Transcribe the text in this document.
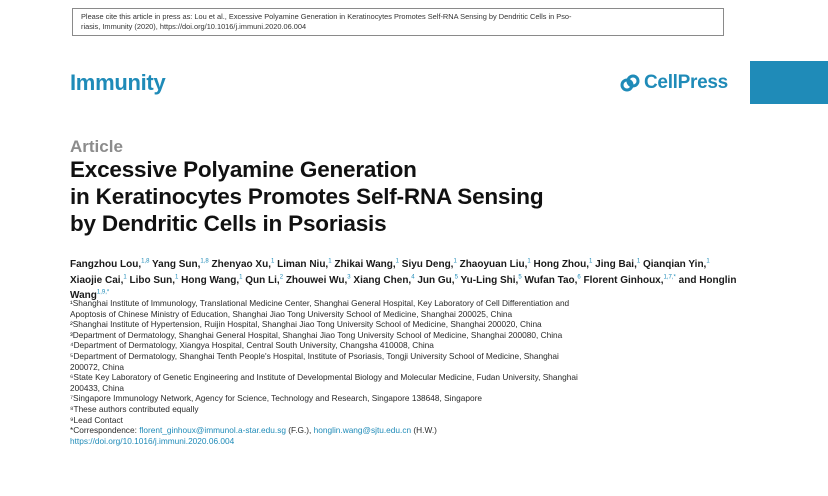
Please cite this article in press as: Lou et al., Excessive Polyamine Generation in Keratinocytes Promotes Self-RNA Sensing by Dendritic Cells in Pso-
riasis, Immunity (2020), https://doi.org/10.1016/j.immuni.2020.06.004
Immunity	CellPress
Article
Excessive Polyamine Generation
in Keratinocytes Promotes Self-RNA Sensing
by Dendritic Cells in Psoriasis
Fangzhou Lou,$^{1,8}$ Yang Sun,$^{1,8}$ Zhenyao Xu,$^1$ Liman Niu,$^1$ Zhikai Wang,$^1$ Siyu Deng,$^1$ Zhaoyuan Liu,$^1$ Hong Zhou,$^1$ Jing Bai,$^1$ Qianqian Yin,$^1$ Xiaojie Cai,$^1$ Libo Sun,$^1$ Hong Wang,$^1$ Qun Li,$^2$ Zhouwei Wu,$^3$ Xiang Chen,$^4$ Jun Gu,$^5$ Yu-Ling Shi,$^5$ Wufan Tao,$^6$ Florent Ginhoux,$^{1,7,*}$ and Honglin Wang$^{1,9,*}$
¹Shanghai Institute of Immunology, Translational Medicine Center, Shanghai General Hospital, Key Laboratory of Cell Differentiation and
Apoptosis of Chinese Ministry of Education, Shanghai Jiao Tong University School of Medicine, Shanghai 200025, China
²Shanghai Institute of Hypertension, Ruijin Hospital, Shanghai Jiao Tong University School of Medicine, Shanghai 200020, China
³Department of Dermatology, Shanghai General Hospital, Shanghai Jiao Tong University School of Medicine, Shanghai 200080, China
⁴Department of Dermatology, Xiangya Hospital, Central South University, Changsha 410008, China
⁵Department of Dermatology, Shanghai Tenth People's Hospital, Institute of Psoriasis, Tongji University School of Medicine, Shanghai
200072, China
⁶State Key Laboratory of Genetic Engineering and Institute of Developmental Biology and Molecular Medicine, Fudan University, Shanghai
200433, China
⁷Singapore Immunology Network, Agency for Science, Technology and Research, Singapore 138648, Singapore
⁸These authors contributed equally
⁹Lead Contact
*Correspondence: florent_ginhoux@immunol.a-star.edu.sg (F.G.), honglin.wang@sjtu.edu.cn (H.W.)
https://doi.org/10.1016/j.immuni.2020.06.004
